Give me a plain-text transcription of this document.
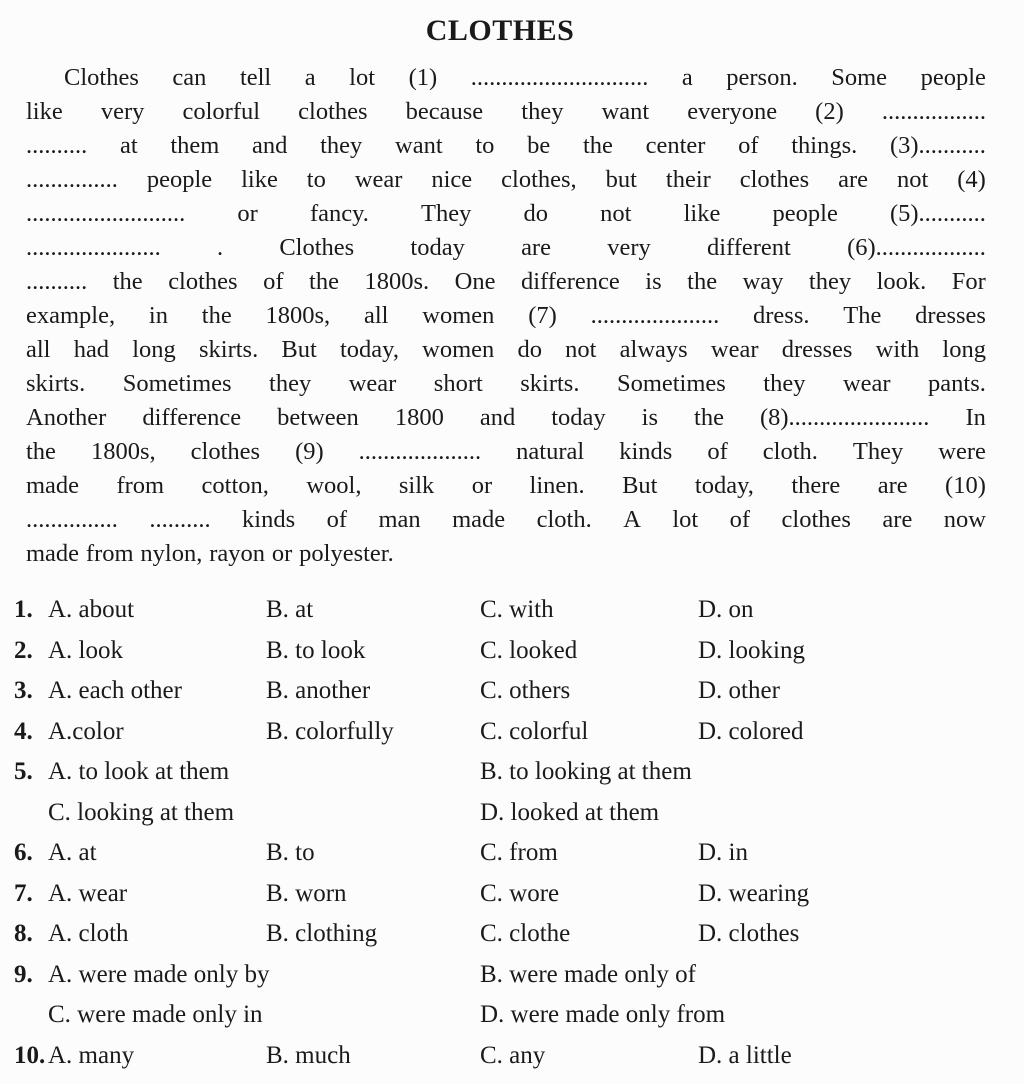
CLOTHES
Clothes can tell a lot (1) ............................. a person. Some people
like very colorful clothes because they want everyone (2) .................
.......... at them and they want to be the center of things. (3)...........
............... people like to wear nice clothes, but their clothes are not (4)
.......................... or fancy. They do not like people (5)...........
...................... . Clothes today are very different (6)..................
.......... the clothes of the 1800s. One difference is the way they look. For
example, in the 1800s, all women (7) ..................... dress. The dresses
all had long skirts. But today, women do not always wear dresses with long
skirts. Sometimes they wear short skirts. Sometimes they wear pants.
Another difference between 1800 and today is the (8)....................... In
the 1800s, clothes (9) .................... natural kinds of cloth. They were
made from cotton, wool, silk or linen. But today, there are (10)
............... .......... kinds of man made cloth. A lot of clothes are now
made from nylon, rayon or polyester.
1. A. about	B. at	C. with	D. on
2. A. look	B. to look	C. looked	D. looking
3. A. each other	B. another	C. others	D. other
4. A.color	B. colorfully	C. colorful	D. colored
5. A. to look at them	B. to looking at them
C. looking at them	D. looked at them
6. A. at	B. to	C. from	D. in
7. A. wear	B. worn	C. wore	D. wearing
8. A. cloth	B. clothing	C. clothe	D. clothes
9. A. were made only by	B. were made only of
C. were made only in	D. were made only from
10. A. many	B. much	C. any	D. a little
